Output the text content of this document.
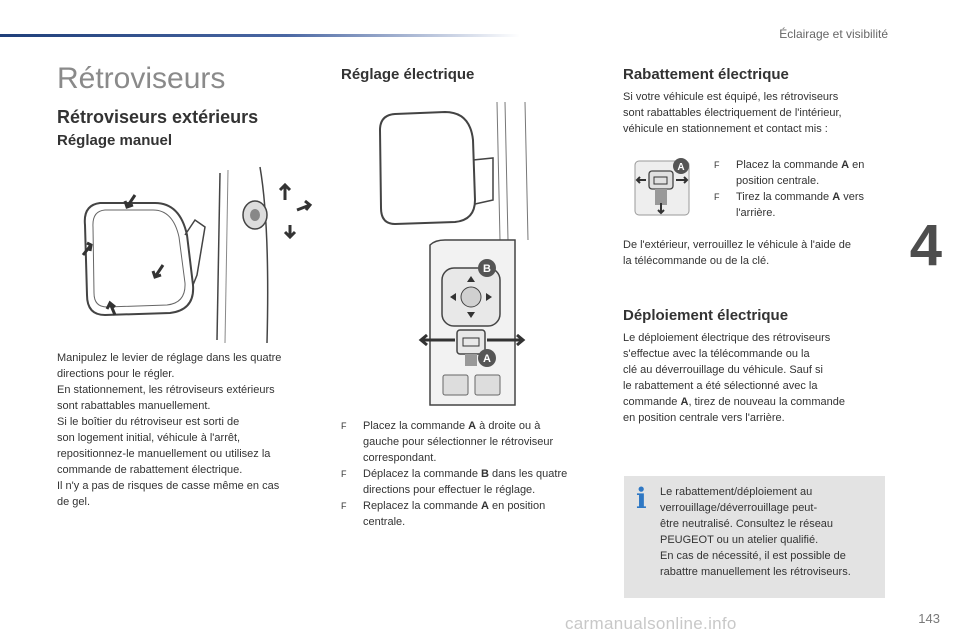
Éclairage et visibilité
4
143
carmanualsonline.info
Rétroviseurs
Rétroviseurs extérieurs
Réglage manuel
Manipulez le levier de réglage dans les quatre
directions pour le régler.
En stationnement, les rétroviseurs extérieurs
sont rabattables manuellement.
Si le boîtier du rétroviseur est sorti de
son logement initial, véhicule à l'arrêt,
repositionnez-le manuellement ou utilisez la
commande de rabattement électrique.
Il n'y a pas de risques de casse même en cas
de gel.
Réglage électrique
B
A
F	Placez la commande A à droite ou à
gauche pour sélectionner le rétroviseur
correspondant.
F	Déplacez la commande B dans les quatre
directions pour effectuer le réglage.
F	Replacez la commande A en position
centrale.
Rabattement électrique
Si votre véhicule est équipé, les rétroviseurs
sont rabattables électriquement de l'intérieur,
véhicule en stationnement et contact mis :
A	F	Placez la commande A en
position centrale.
F	Tirez la commande A vers
l'arrière.
De l'extérieur, verrouillez le véhicule à l'aide de
la télécommande ou de la clé.
Déploiement électrique
Le déploiement électrique des rétroviseurs
s'effectue avec la télécommande ou la
clé au déverrouillage du véhicule. Sauf si
le rabattement a été sélectionné avec la
commande A, tirez de nouveau la commande
en position centrale vers l'arrière.
i Le rabattement/déploiement au
verrouillage/déverrouillage peut-
être neutralisé. Consultez le réseau
PEUGEOT ou un atelier qualifié.
En cas de nécessité, il est possible de
rabattre manuellement les rétroviseurs.
